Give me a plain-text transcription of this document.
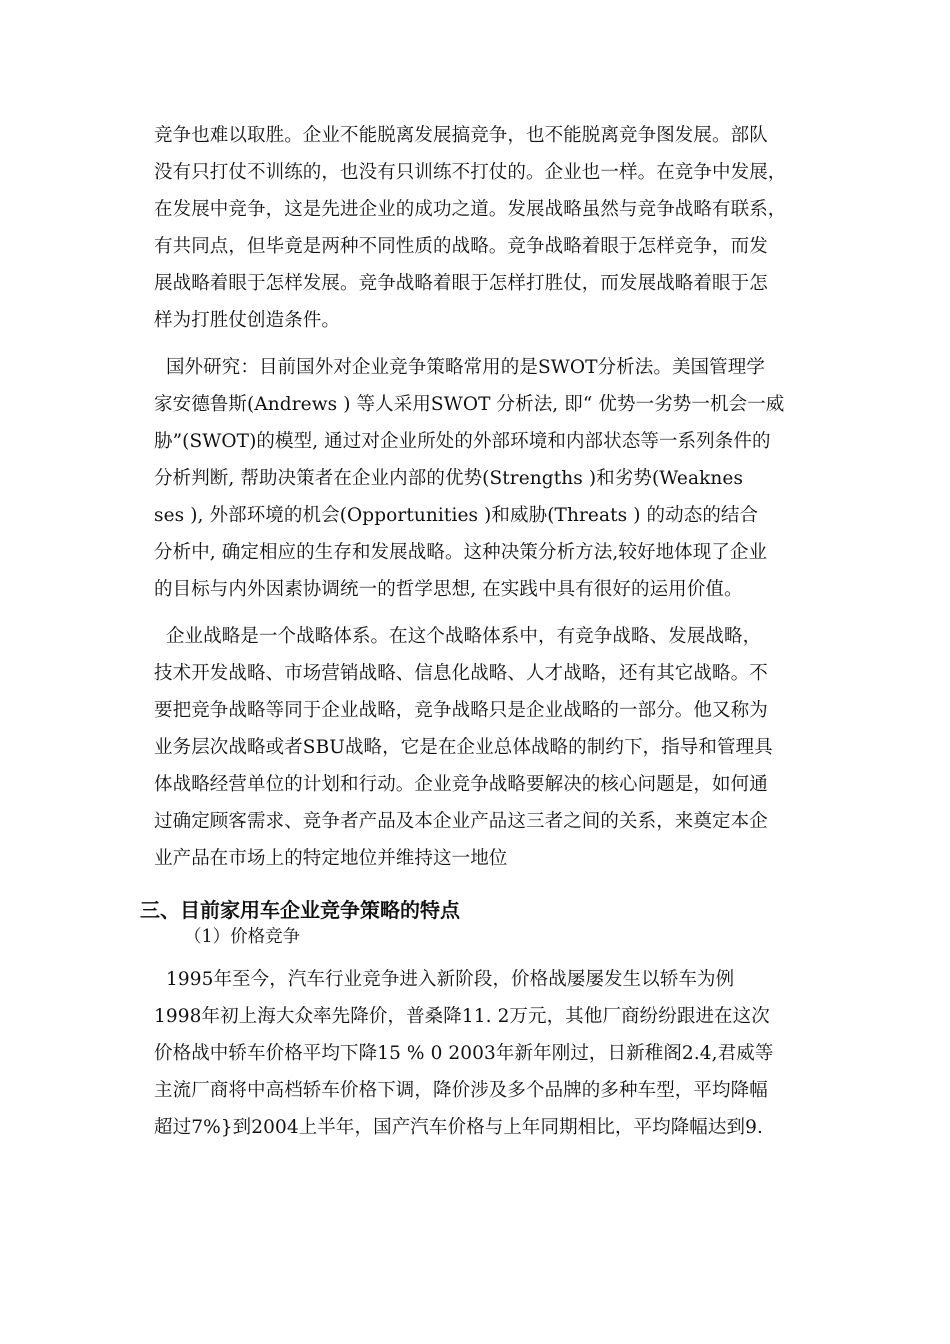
竞争也难以取胜。企业不能脱离发展搞竞争，也不能脱离竞争图发展。部队
没有只打仗不训练的，也没有只训练不打仗的。企业也一样。在竞争中发展，
在发展中竞争，这是先进企业的成功之道。发展战略虽然与竞争战略有联系，
有共同点，但毕竟是两种不同性质的战略。竞争战略着眼于怎样竞争，而发
展战略着眼于怎样发展。竞争战略着眼于怎样打胜仗，而发展战略着眼于怎
样为打胜仗创造条件。
国外研究：目前国外对企业竞争策略常用的是SWOT分析法。美国管理学
家安德鲁斯(Andrews ) 等人采用SWOT 分析法, 即“ 优势一劣势一机会一威
胁”(SWOT)的模型, 通过对企业所处的外部环境和内部状态等一系列条件的
分析判断, 帮助决策者在企业内部的优势(Strengths )和劣势(Weaknes
ses ), 外部环境的机会(Opportunities )和威胁(Threats ) 的动态的结合
分析中, 确定相应的生存和发展战略。这种决策分析方法,较好地体现了企业
的目标与内外因素协调统一的哲学思想, 在实践中具有很好的运用价值。
企业战略是一个战略体系。在这个战略体系中，有竞争战略、发展战略，
技术开发战略、市场营销战略、信息化战略、人才战略，还有其它战略。不
要把竞争战略等同于企业战略，竞争战略只是企业战略的一部分。他又称为
业务层次战略或者SBU战略，它是在企业总体战略的制约下，指导和管理具
体战略经营单位的计划和行动。企业竞争战略要解决的核心问题是，如何通
过确定顾客需求、竞争者产品及本企业产品这三者之间的关系，来奠定本企
业产品在市场上的特定地位并维持这一地位
三、目前家用车企业竞争策略的特点
（1）价格竞争
1995年至今，汽车行业竞争进入新阶段，价格战屡屡发生以轿车为例
1998年初上海大众率先降价，普桑降11. 2万元，其他厂商纷纷跟进在这次
价格战中轿车价格平均下降15 % 0 2003年新年刚过，日新稚阁2.4,君威等
主流厂商将中高档轿车价格下调，降价涉及多个品牌的多种车型，平均降幅
超过7%}到2004上半年，国产汽车价格与上年同期相比，平均降幅达到9.
